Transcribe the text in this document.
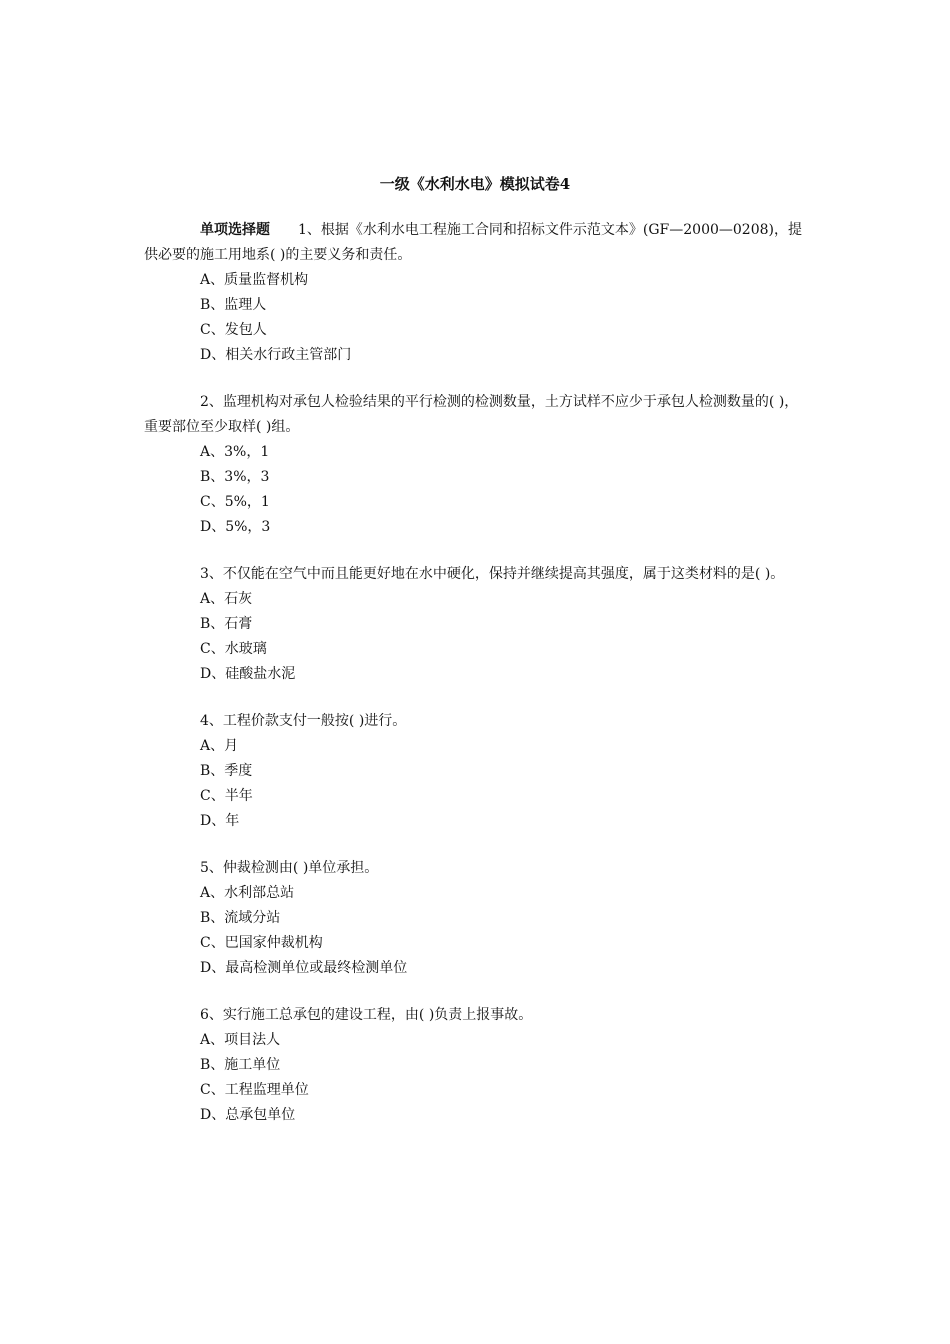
一级《水利水电》模拟试卷4

单项选择题 1、根据《水利水电工程施工合同和招标文件示范文本》(GF—2000—0208)，提供必要的施工用地系( )的主要义务和责任。

A、质量监督机构

B、监理人

C、发包人

D、相关水行政主管部门

2、监理机构对承包人检验结果的平行检测的检测数量，土方试样不应少于承包人检测数量的( )，重要部位至少取样( )组。

A、3%，1

B、3%，3

C、5%，1

D、5%，3

3、不仅能在空气中而且能更好地在水中硬化，保持并继续提高其强度，属于这类材料的是( )。

A、石灰

B、石膏

C、水玻璃

D、硅酸盐水泥

4、工程价款支付一般按( )进行。

A、月

B、季度

C、半年

D、年

5、仲裁检测由( )单位承担。

A、水利部总站

B、流域分站

C、巴国家仲裁机构

D、最高检测单位或最终检测单位

6、实行施工总承包的建设工程，由( )负责上报事故。

A、项目法人

B、施工单位

C、工程监理单位

D、总承包单位
